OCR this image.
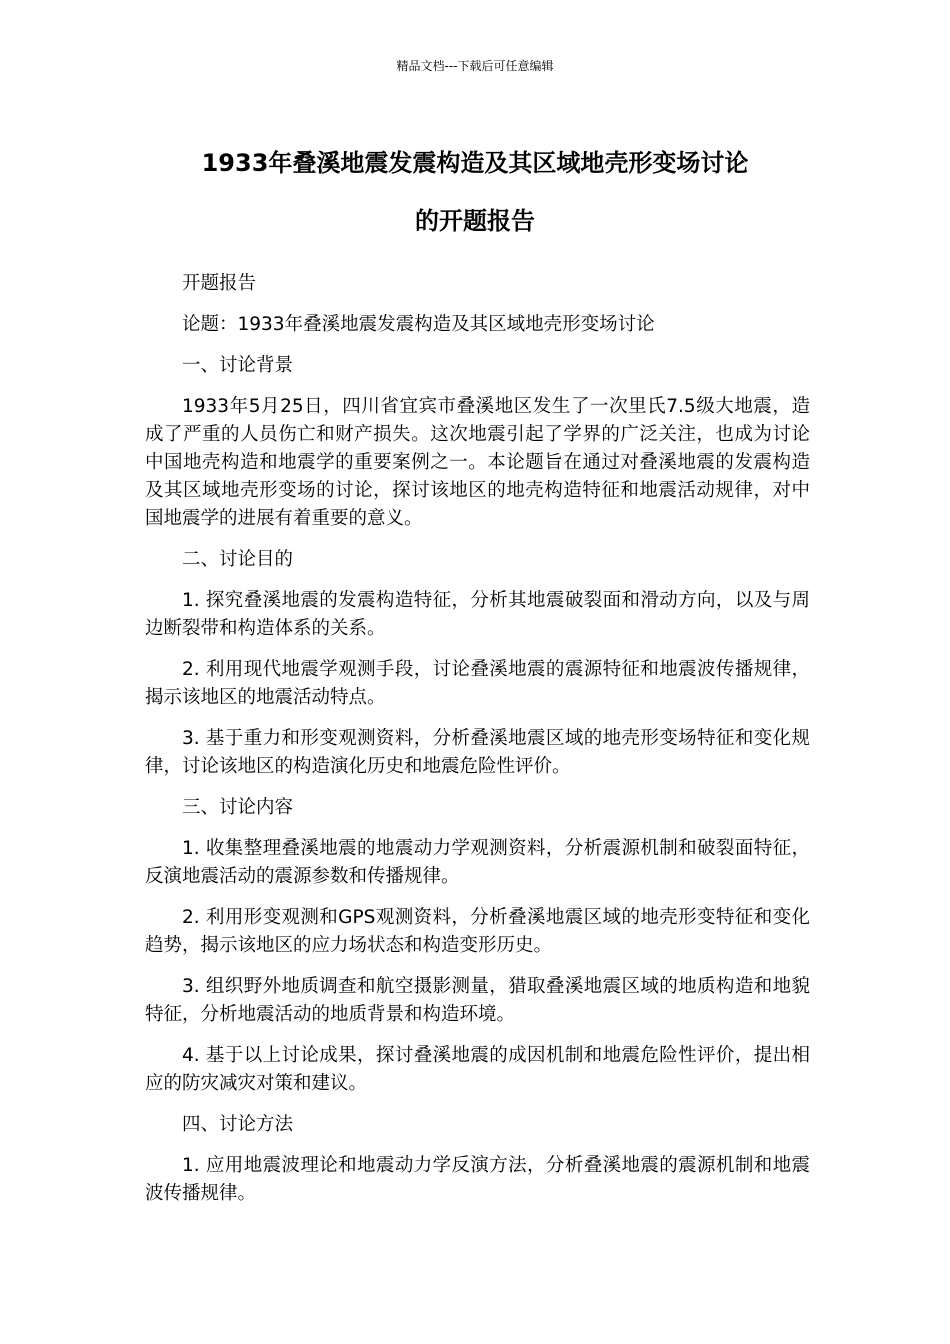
精品文档---下载后可任意编辑
1933年叠溪地震发震构造及其区域地壳形变场讨论
的开题报告

开题报告

论题：1933年叠溪地震发震构造及其区域地壳形变场讨论

一、讨论背景

1933年5月25日，四川省宜宾市叠溪地区发生了一次里氏7.5级大地震，造成了严重的人员伤亡和财产损失。这次地震引起了学界的广泛关注，也成为讨论中国地壳构造和地震学的重要案例之一。本论题旨在通过对叠溪地震的发震构造及其区域地壳形变场的讨论，探讨该地区的地壳构造特征和地震活动规律，对中国地震学的进展有着重要的意义。

二、讨论目的

1. 探究叠溪地震的发震构造特征，分析其地震破裂面和滑动方向，以及与周边断裂带和构造体系的关系。

2. 利用现代地震学观测手段，讨论叠溪地震的震源特征和地震波传播规律，揭示该地区的地震活动特点。

3. 基于重力和形变观测资料，分析叠溪地震区域的地壳形变场特征和变化规律，讨论该地区的构造演化历史和地震危险性评价。

三、讨论内容

1. 收集整理叠溪地震的地震动力学观测资料，分析震源机制和破裂面特征，反演地震活动的震源参数和传播规律。

2. 利用形变观测和GPS观测资料，分析叠溪地震区域的地壳形变特征和变化趋势，揭示该地区的应力场状态和构造变形历史。

3. 组织野外地质调查和航空摄影测量，猎取叠溪地震区域的地质构造和地貌特征，分析地震活动的地质背景和构造环境。

4. 基于以上讨论成果，探讨叠溪地震的成因机制和地震危险性评价，提出相应的防灾减灾对策和建议。

四、讨论方法

1. 应用地震波理论和地震动力学反演方法，分析叠溪地震的震源机制和地震波传播规律。
